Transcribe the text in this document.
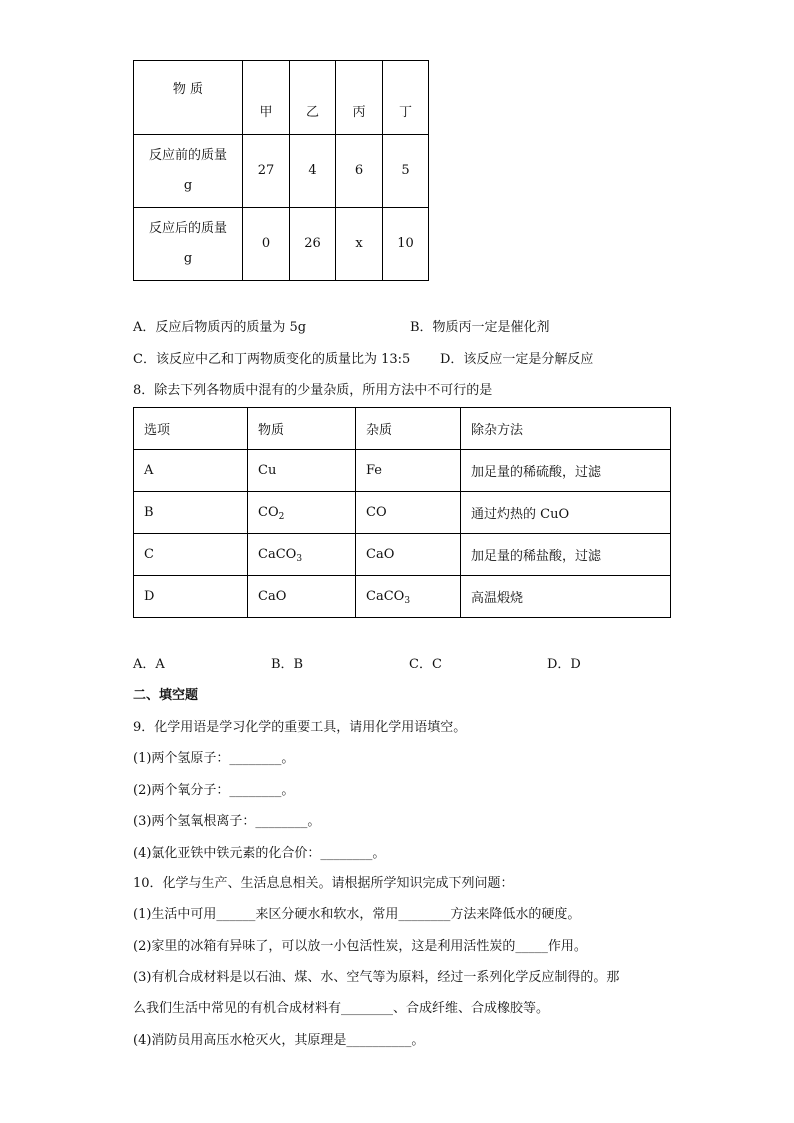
物 质	甲	乙	丙	丁

反应前的质量
g	27	4	6	5

反应后的质量
g	0	26	x	10
A．反应后物质丙的质量为 5g	B．物质丙一定是催化剂
C．该反应中乙和丁两物质变化的质量比为 13:5 D．该反应一定是分解反应
8．除去下列各物质中混有的少量杂质，所用方法中不可行的是
选项	物质	杂质	除杂方法
A	Cu	Fe	加足量的稀硫酸，过滤
B	$CO_2$	CO	通过灼热的 CuO
C	CaCO$_3$	CaO	加足量的稀盐酸，过滤
D	CaO	CaCO$_3$	高温煅烧
A．A	B．B	C．C	D．D
二、填空题
9．化学用语是学习化学的重要工具，请用化学用语填空。
(1)两个氢原子：________。
(2)两个氧分子：________。
(3)两个氢氧根离子：________。
(4)氯化亚铁中铁元素的化合价：________。
10．化学与生产、生活息息相关。请根据所学知识完成下列问题：
(1)生活中可用______来区分硬水和软水，常用________方法来降低水的硬度。
(2)家里的冰箱有异味了，可以放一小包活性炭，这是利用活性炭的_____作用。
(3)有机合成材料是以石油、煤、水、空气等为原料，经过一系列化学反应制得的。那
么我们生活中常见的有机合成材料有________、合成纤维、合成橡胶等。
(4)消防员用高压水枪灭火，其原理是__________。
